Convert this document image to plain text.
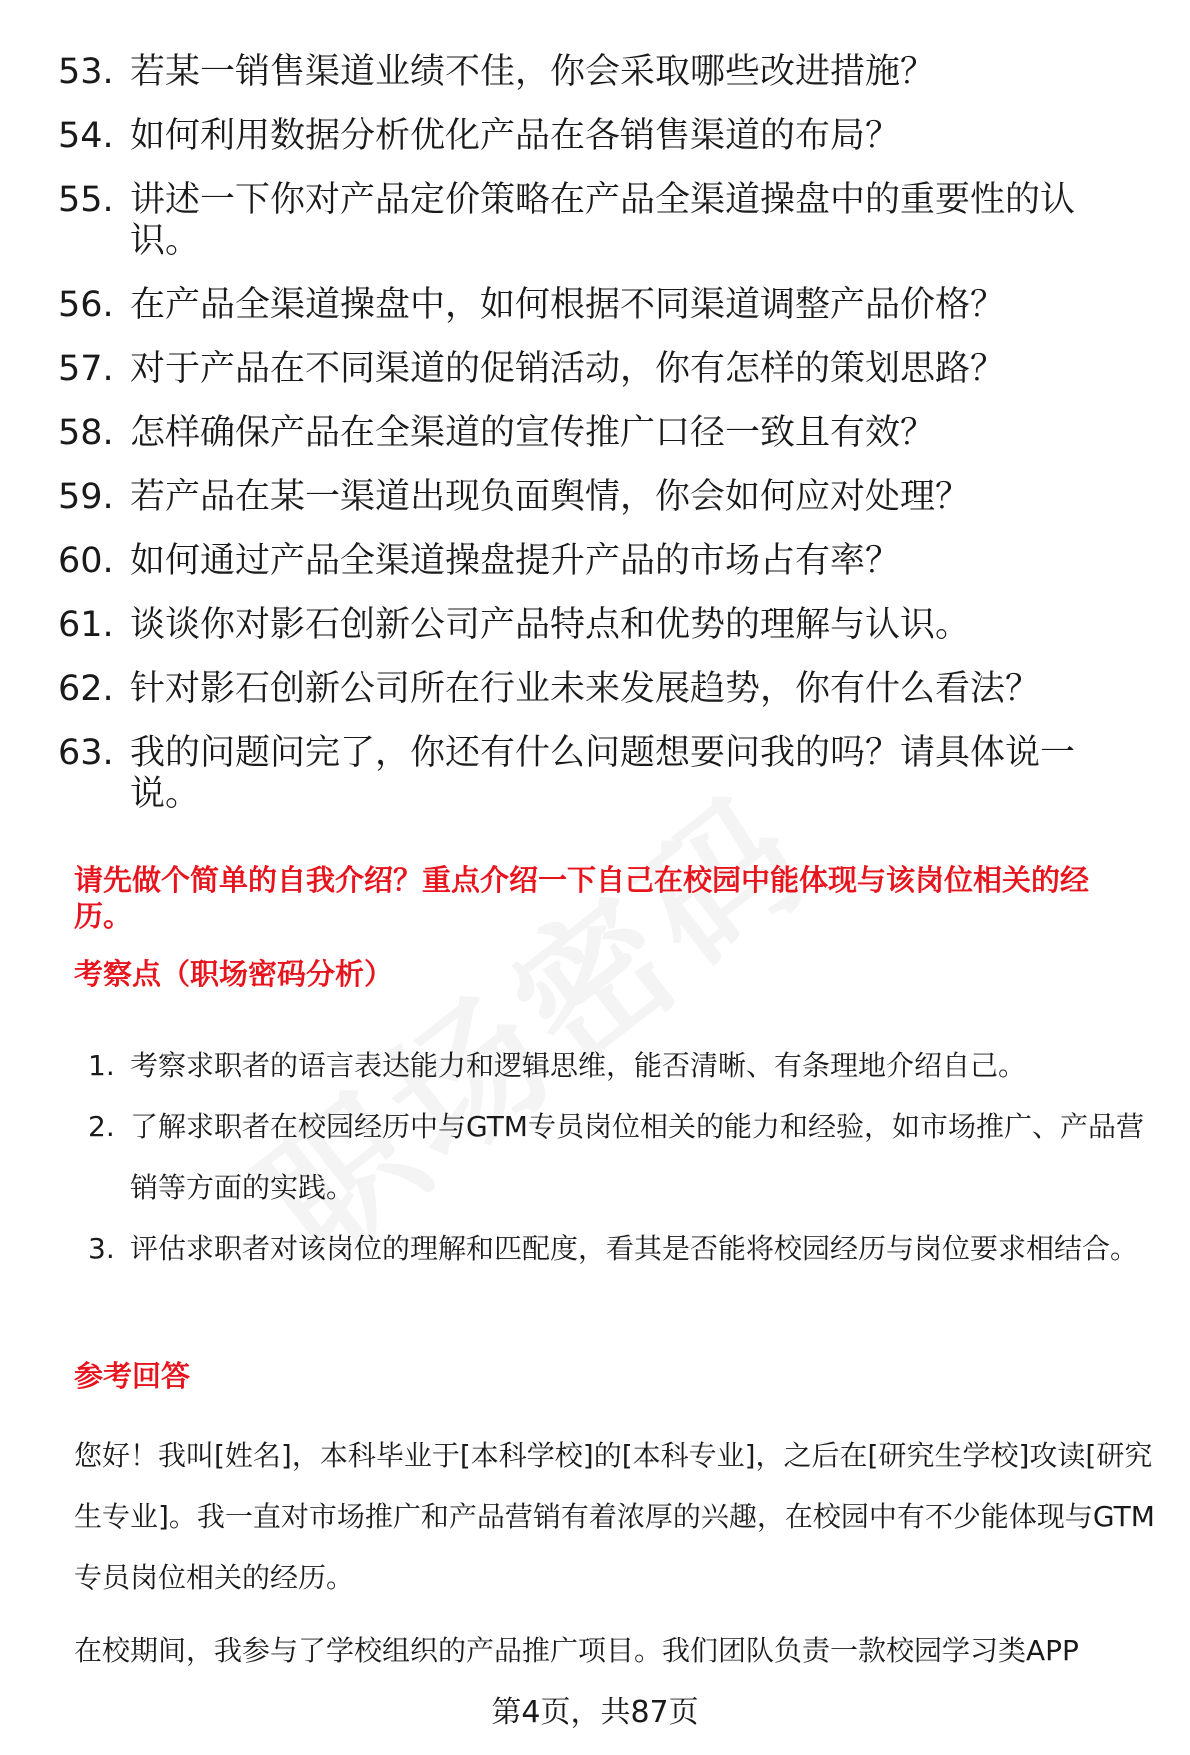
53. 若某一销售渠道业绩不佳，你会采取哪些改进措施？
54. 如何利用数据分析优化产品在各销售渠道的布局？
55. 讲述一下你对产品定价策略在产品全渠道操盘中的重要性的认识。
56. 在产品全渠道操盘中，如何根据不同渠道调整产品价格？
57. 对于产品在不同渠道的促销活动，你有怎样的策划思路？
58. 怎样确保产品在全渠道的宣传推广口径一致且有效？
59. 若产品在某一渠道出现负面舆情，你会如何应对处理？
60. 如何通过产品全渠道操盘提升产品的市场占有率？
61. 谈谈你对影石创新公司产品特点和优势的理解与认识。
62. 针对影石创新公司所在行业未来发展趋势，你有什么看法？
63. 我的问题问完了，你还有什么问题想要问我的吗？请具体说一说。
请先做个简单的自我介绍？重点介绍一下自己在校园中能体现与该岗位相关的经历。
考察点（职场密码分析）
1. 考察求职者的语言表达能力和逻辑思维，能否清晰、有条理地介绍自己。
2. 了解求职者在校园经历中与GTM专员岗位相关的能力和经验，如市场推广、产品营销等方面的实践。
3. 评估求职者对该岗位的理解和匹配度，看其是否能将校园经历与岗位要求相结合。
参考回答

您好！我叫[姓名]，本科毕业于[本科学校]的[本科专业]，之后在[研究生学校]攻读[研究生专业]。我一直对市场推广和产品营销有着浓厚的兴趣，在校园中有不少能体现与GTM专员岗位相关的经历。

在校期间，我参与了学校组织的产品推广项目。我们团队负责一款校园学习类APP

第4页，共87页
